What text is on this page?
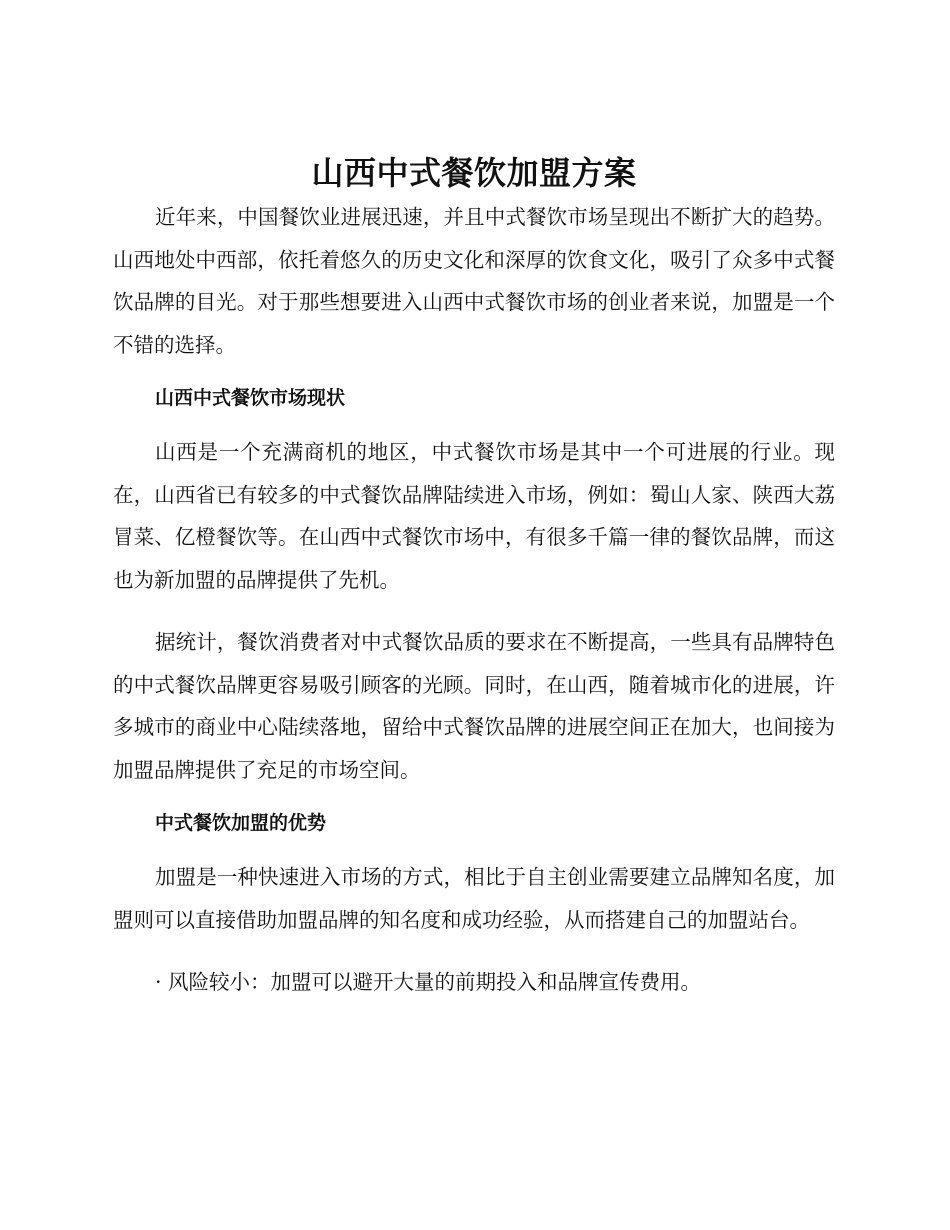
山西中式餐饮加盟方案

近年来，中国餐饮业进展迅速，并且中式餐饮市场呈现出不断扩大的趋势。山西地处中西部，依托着悠久的历史文化和深厚的饮食文化，吸引了众多中式餐饮品牌的目光。对于那些想要进入山西中式餐饮市场的创业者来说，加盟是一个不错的选择。

山西中式餐饮市场现状

山西是一个充满商机的地区，中式餐饮市场是其中一个可进展的行业。现在，山西省已有较多的中式餐饮品牌陆续进入市场，例如：蜀山人家、陕西大荔冒菜、亿橙餐饮等。在山西中式餐饮市场中，有很多千篇一律的餐饮品牌，而这也为新加盟的品牌提供了先机。

据统计，餐饮消费者对中式餐饮品质的要求在不断提高，一些具有品牌特色的中式餐饮品牌更容易吸引顾客的光顾。同时，在山西，随着城市化的进展，许多城市的商业中心陆续落地，留给中式餐饮品牌的进展空间正在加大，也间接为加盟品牌提供了充足的市场空间。

中式餐饮加盟的优势

加盟是一种快速进入市场的方式，相比于自主创业需要建立品牌知名度，加盟则可以直接借助加盟品牌的知名度和成功经验，从而搭建自己的加盟站台。

· 风险较小：加盟可以避开大量的前期投入和品牌宣传费用。
